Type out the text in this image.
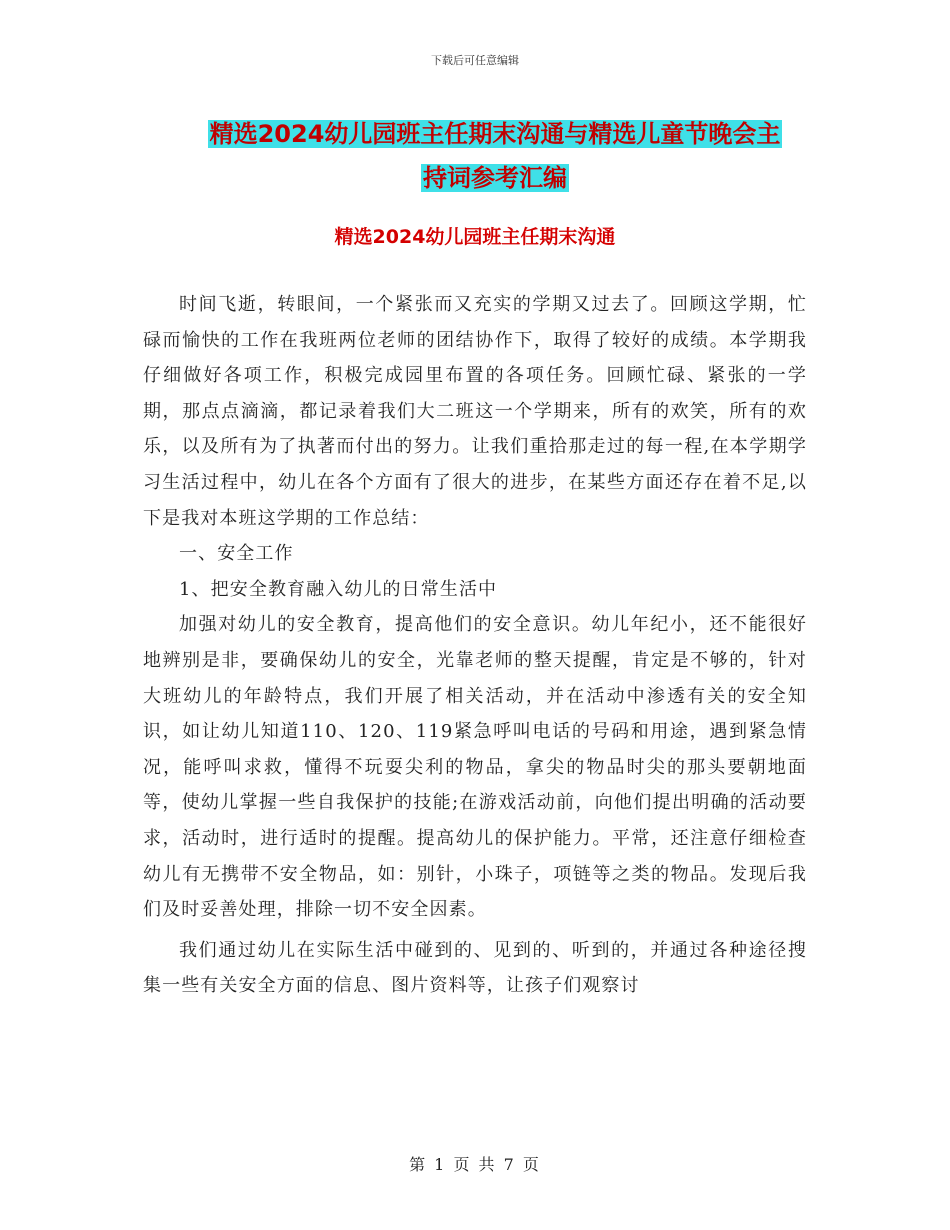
下载后可任意编辑
精选2024幼儿园班主任期末沟通与精选儿童节晚会主
持词参考汇编
精选2024幼儿园班主任期末沟通

时间飞逝，转眼间，一个紧张而又充实的学期又过去了。回顾这学期，忙碌而愉快的工作在我班两位老师的团结协作下，取得了较好的成绩。本学期我仔细做好各项工作，积极完成园里布置的各项任务。回顾忙碌、紧张的一学期，那点点滴滴，都记录着我们大二班这一个学期来，所有的欢笑，所有的欢乐，以及所有为了执著而付出的努力。让我们重拾那走过的每一程,在本学期学习生活过程中，幼儿在各个方面有了很大的进步，在某些方面还存在着不足,以下是我对本班这学期的工作总结：

一、安全工作

1、把安全教育融入幼儿的日常生活中

加强对幼儿的安全教育，提高他们的安全意识。幼儿年纪小，还不能很好地辨别是非，要确保幼儿的安全，光靠老师的整天提醒，肯定是不够的，针对大班幼儿的年龄特点，我们开展了相关活动，并在活动中渗透有关的安全知识，如让幼儿知道110、120、119紧急呼叫电话的号码和用途，遇到紧急情况，能呼叫求救，懂得不玩耍尖利的物品，拿尖的物品时尖的那头要朝地面等，使幼儿掌握一些自我保护的技能;在游戏活动前，向他们提出明确的活动要求，活动时，进行适时的提醒。提高幼儿的保护能力。平常，还注意仔细检查幼儿有无携带不安全物品，如：别针，小珠子，项链等之类的物品。发现后我们及时妥善处理，排除一切不安全因素。

我们通过幼儿在实际生活中碰到的、见到的、听到的，并通过各种途径搜集一些有关安全方面的信息、图片资料等，让孩子们观察讨

第 1 页 共 7 页
